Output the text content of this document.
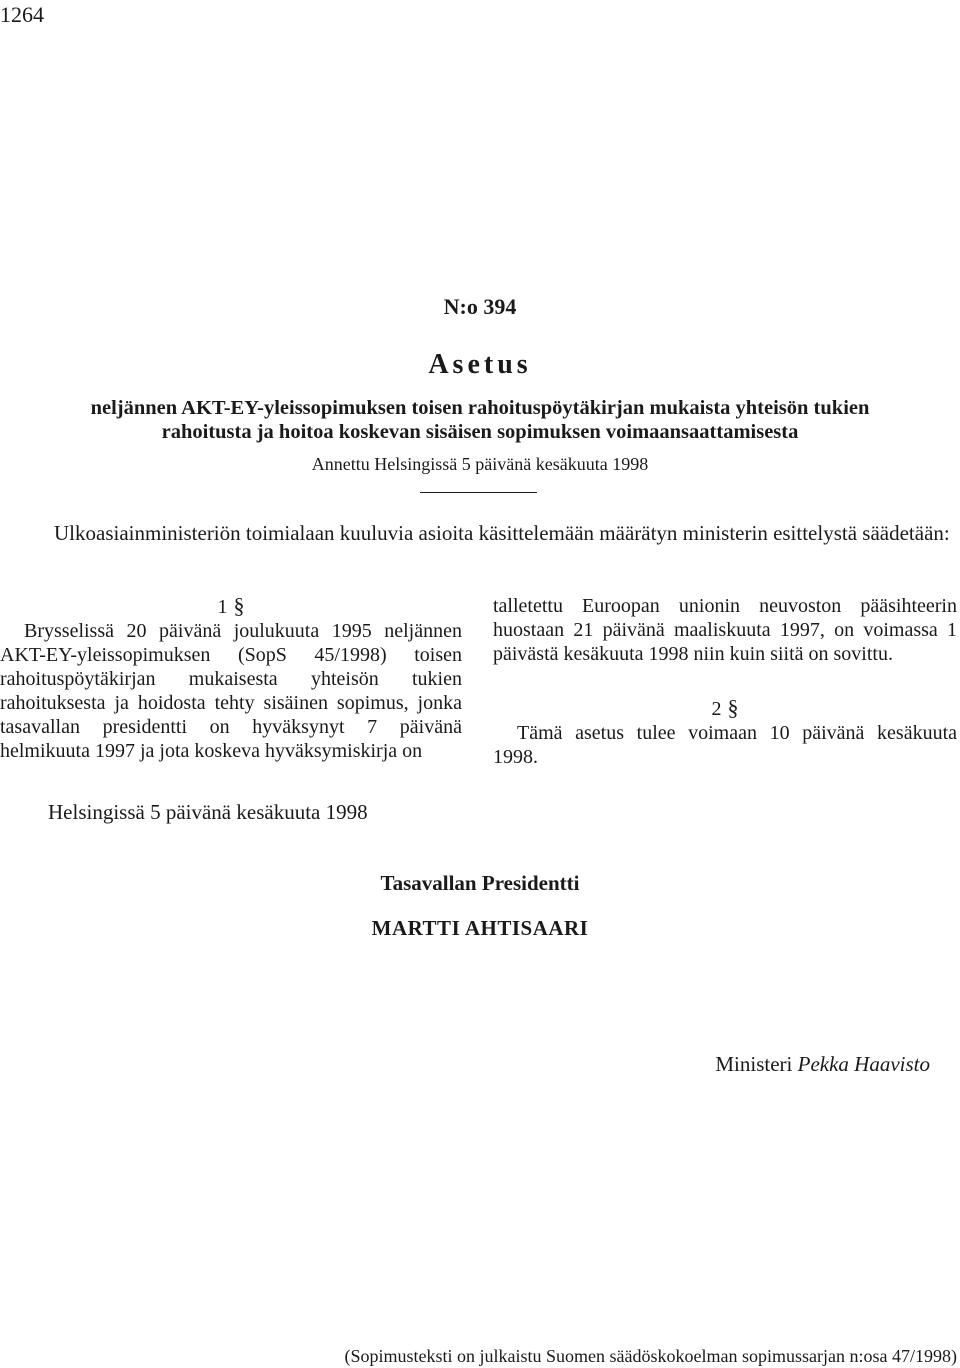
1264
N:o 394
Asetus
neljännen AKT-EY-yleissopimuksen toisen rahoituspöytäkirjan mukaista yhteisön tukien
rahoitusta ja hoitoa koskevan sisäisen sopimuksen voimaansaattamisesta
Annettu Helsingissä 5 päivänä kesäkuuta 1998
Ulkoasiainministeriön toimialaan kuuluvia asioita käsittelemään määrätyn ministerin esittelystä säädetään:

1 §

Brysselissä 20 päivänä joulukuuta 1995 neljännen AKT-EY-yleissopimuksen (SopS 45/1998) toisen rahoituspöytäkirjan mukaisesta yhteisön tukien rahoituksesta ja hoidosta tehty sisäinen sopimus, jonka tasavallan presidentti on hyväksynyt 7 päivänä helmikuuta 1997 ja jota koskeva hyväksymiskirja on

talletettu Euroopan unionin neuvoston pääsihteerin huostaan 21 päivänä maaliskuuta 1997, on voimassa 1 päivästä kesäkuuta 1998 niin kuin siitä on sovittu.

2 §

Tämä asetus tulee voimaan 10 päivänä kesäkuuta 1998.

Helsingissä 5 päivänä kesäkuuta 1998
Tasavallan Presidentti
MARTTI AHTISAARI
Ministeri Pekka Haavisto
(Sopimusteksti on julkaistu Suomen säädöskokoelman sopimussarjan n:osa 47/1998)
